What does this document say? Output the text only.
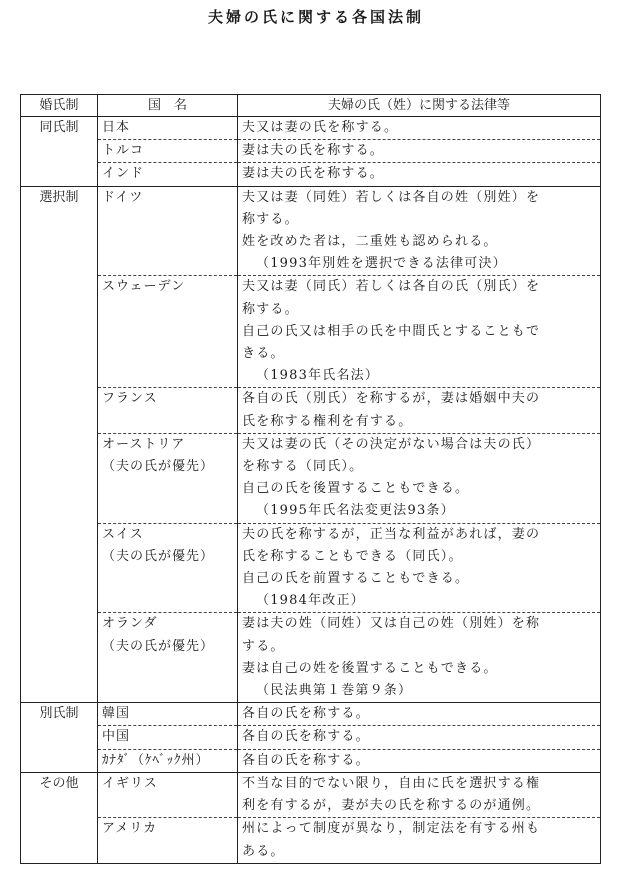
夫婦の氏に関する各国法制
婚氏制	国　名	夫婦の氏（姓）に関する法律等
同氏制	日本	夫又は妻の氏を称する。

	トルコ	妻は夫の氏を称する。

	インド	妻は夫の氏を称する。

選択制	ドイツ	夫又は妻（同姓）若しくは各自の姓（別姓）を
称する。
姓を改めた者は，二重姓も認められる。
（1993年別姓を選択できる法律可決）

	スウェーデン	夫又は妻（同氏）若しくは各自の氏（別氏）を
称する。
自己の氏又は相手の氏を中間氏とすることもで
きる。
（1983年氏名法）

	フランス	各自の氏（別氏）を称するが，妻は婚姻中夫の
氏を称する権利を有する。

	オーストリア
（夫の氏が優先）	夫又は妻の氏（その決定がない場合は夫の氏）
を称する（同氏）。
自己の氏を後置することもできる。
（1995年氏名法変更法93条）

	スイス
（夫の氏が優先）	夫の氏を称するが，正当な利益があれば，妻の
氏を称することもできる（同氏）。
自己の氏を前置することもできる。
（1984年改正）

	オランダ
（夫の氏が優先）	妻は夫の姓（同姓）又は自己の姓（別姓）を称
する。
妻は自己の姓を後置することもできる。
（民法典第１巻第９条）

別氏制	韓国	各自の氏を称する。

	中国	各自の氏を称する。

	ｶﾅﾀﾞ（ｹﾍﾞｯｸ州）	各自の氏を称する。

その他	イギリス	不当な目的でない限り，自由に氏を選択する権
利を有するが，妻が夫の氏を称するのが通例。

	アメリカ	州によって制度が異なり，制定法を有する州も
ある。
